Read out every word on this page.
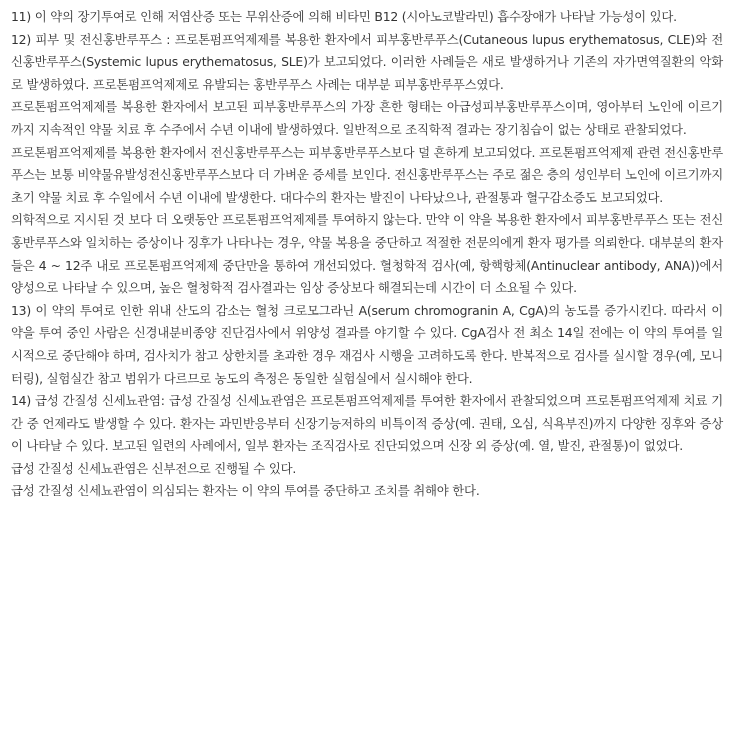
11) 이 약의 장기투여로 인해 저염산증 또는 무위산증에 의해 비타민 B12 (시아노코발라민) 흡수장애가 나타날 가능성이 있다.

12) 피부 및 전신홍반루푸스 : 프로톤펌프억제제를 복용한 환자에서 피부홍반루푸스(Cutaneous lupus erythematosus, CLE)와 전신홍반루푸스(Systemic lupus erythematosus, SLE)가 보고되었다. 이러한 사례들은 새로 발생하거나 기존의 자가면역질환의 악화로 발생하였다. 프로톤펌프억제제로 유발되는 홍반루푸스 사례는 대부분 피부홍반루푸스였다.

프로톤펌프억제제를 복용한 환자에서 보고된 피부홍반루푸스의 가장 흔한 형태는 아급성피부홍반루푸스이며, 영아부터 노인에 이르기까지 지속적인 약물 치료 후 수주에서 수년 이내에 발생하였다. 일반적으로 조직학적 결과는 장기침습이 없는 상태로 관찰되었다.

프로톤펌프억제제를 복용한 환자에서 전신홍반루푸스는 피부홍반루푸스보다 덜 흔하게 보고되었다. 프로톤펌프억제제 관련 전신홍반루푸스는 보통 비약물유발성전신홍반루푸스보다 더 가벼운 증세를 보인다. 전신홍반루푸스는 주로 젊은 층의 성인부터 노인에 이르기까지 초기 약물 치료 후 수일에서 수년 이내에 발생한다. 대다수의 환자는 발진이 나타났으나, 관절통과 혈구감소증도 보고되었다.

의학적으로 지시된 것 보다 더 오랫동안 프로톤펌프억제제를 투여하지 않는다. 만약 이 약을 복용한 환자에서 피부홍반루푸스 또는 전신홍반루푸스와 일치하는 증상이나 징후가 나타나는 경우, 약물 복용을 중단하고 적절한 전문의에게 환자 평가를 의뢰한다. 대부분의 환자들은 4 ~ 12주 내로 프로톤펌프억제제 중단만을 통하여 개선되었다. 혈청학적 검사(예, 항핵항체(Antinuclear antibody, ANA))에서 양성으로 나타날 수 있으며, 높은 혈청학적 검사결과는 임상 증상보다 해결되는데 시간이 더 소요될 수 있다.

13) 이 약의 투여로 인한 위내 산도의 감소는 혈청 크로모그라닌 A(serum chromogranin A, CgA)의 농도를 증가시킨다. 따라서 이 약을 투여 중인 사람은 신경내분비종양 진단검사에서 위양성 결과를 야기할 수 있다. CgA검사 전 최소 14일 전에는 이 약의 투여를 일시적으로 중단해야 하며, 검사치가 참고 상한치를 초과한 경우 재검사 시행을 고려하도록 한다. 반복적으로 검사를 실시할 경우(예, 모니터링), 실험실간 참고 범위가 다르므로 농도의 측정은 동일한 실험실에서 실시해야 한다.

14) 급성 간질성 신세뇨관염: 급성 간질성 신세뇨관염은 프로톤펌프억제제를 투여한 환자에서 관찰되었으며 프로톤펌프억제제 치료 기간 중 언제라도 발생할 수 있다. 환자는 과민반응부터 신장기능저하의 비특이적 증상(예. 권태, 오심, 식욕부진)까지 다양한 징후와 증상이 나타날 수 있다. 보고된 일련의 사례에서, 일부 환자는 조직검사로 진단되었으며 신장 외 증상(예. 열, 발진, 관절통)이 없었다.

급성 간질성 신세뇨관염은 신부전으로 진행될 수 있다.

급성 간질성 신세뇨관염이 의심되는 환자는 이 약의 투여를 중단하고 조치를 취해야 한다.
